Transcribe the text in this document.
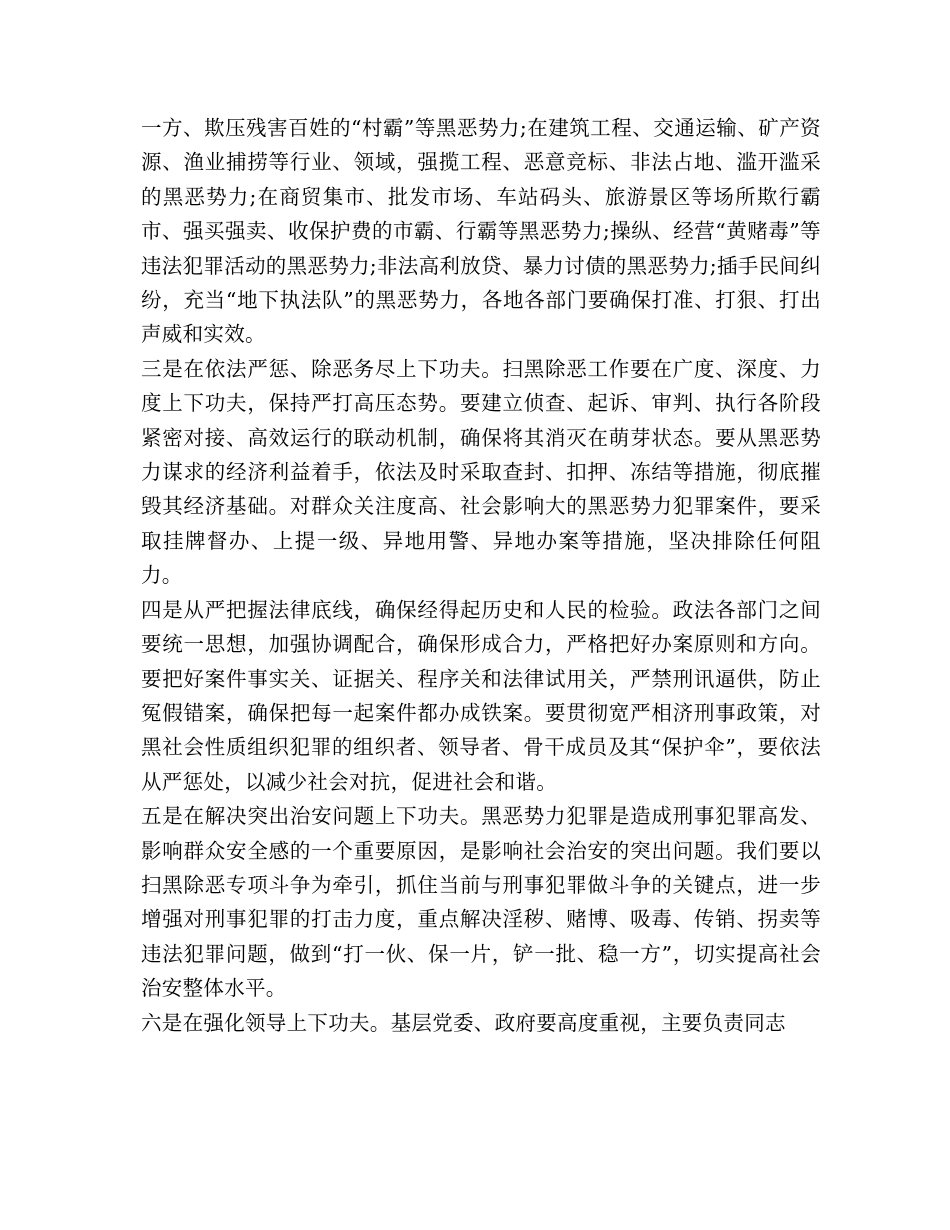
一方、欺压残害百姓的“村霸”等黑恶势力;在建筑工程、交通运输、矿产资源、渔业捕捞等行业、领域，强揽工程、恶意竞标、非法占地、滥开滥采的黑恶势力;在商贸集市、批发市场、车站码头、旅游景区等场所欺行霸市、强买强卖、收保护费的市霸、行霸等黑恶势力;操纵、经营“黄赌毒”等违法犯罪活动的黑恶势力;非法高利放贷、暴力讨债的黑恶势力;插手民间纠纷，充当“地下执法队”的黑恶势力，各地各部门要确保打准、打狠、打出声威和实效。

三是在依法严惩、除恶务尽上下功夫。扫黑除恶工作要在广度、深度、力度上下功夫，保持严打高压态势。要建立侦查、起诉、审判、执行各阶段紧密对接、高效运行的联动机制，确保将其消灭在萌芽状态。要从黑恶势力谋求的经济利益着手，依法及时采取查封、扣押、冻结等措施，彻底摧毁其经济基础。对群众关注度高、社会影响大的黑恶势力犯罪案件，要采取挂牌督办、上提一级、异地用警、异地办案等措施，坚决排除任何阻力。

四是从严把握法律底线，确保经得起历史和人民的检验。政法各部门之间要统一思想，加强协调配合，确保形成合力，严格把好办案原则和方向。要把好案件事实关、证据关、程序关和法律试用关，严禁刑讯逼供，防止冤假错案，确保把每一起案件都办成铁案。要贯彻宽严相济刑事政策，对黑社会性质组织犯罪的组织者、领导者、骨干成员及其“保护伞”，要依法从严惩处，以减少社会对抗，促进社会和谐。

五是在解决突出治安问题上下功夫。黑恶势力犯罪是造成刑事犯罪高发、影响群众安全感的一个重要原因，是影响社会治安的突出问题。我们要以扫黑除恶专项斗争为牵引，抓住当前与刑事犯罪做斗争的关键点，进一步增强对刑事犯罪的打击力度，重点解决淫秽、赌博、吸毒、传销、拐卖等违法犯罪问题，做到“打一伙、保一片，铲一批、稳一方”，切实提高社会治安整体水平。

六是在强化领导上下功夫。基层党委、政府要高度重视，主要负责同志
